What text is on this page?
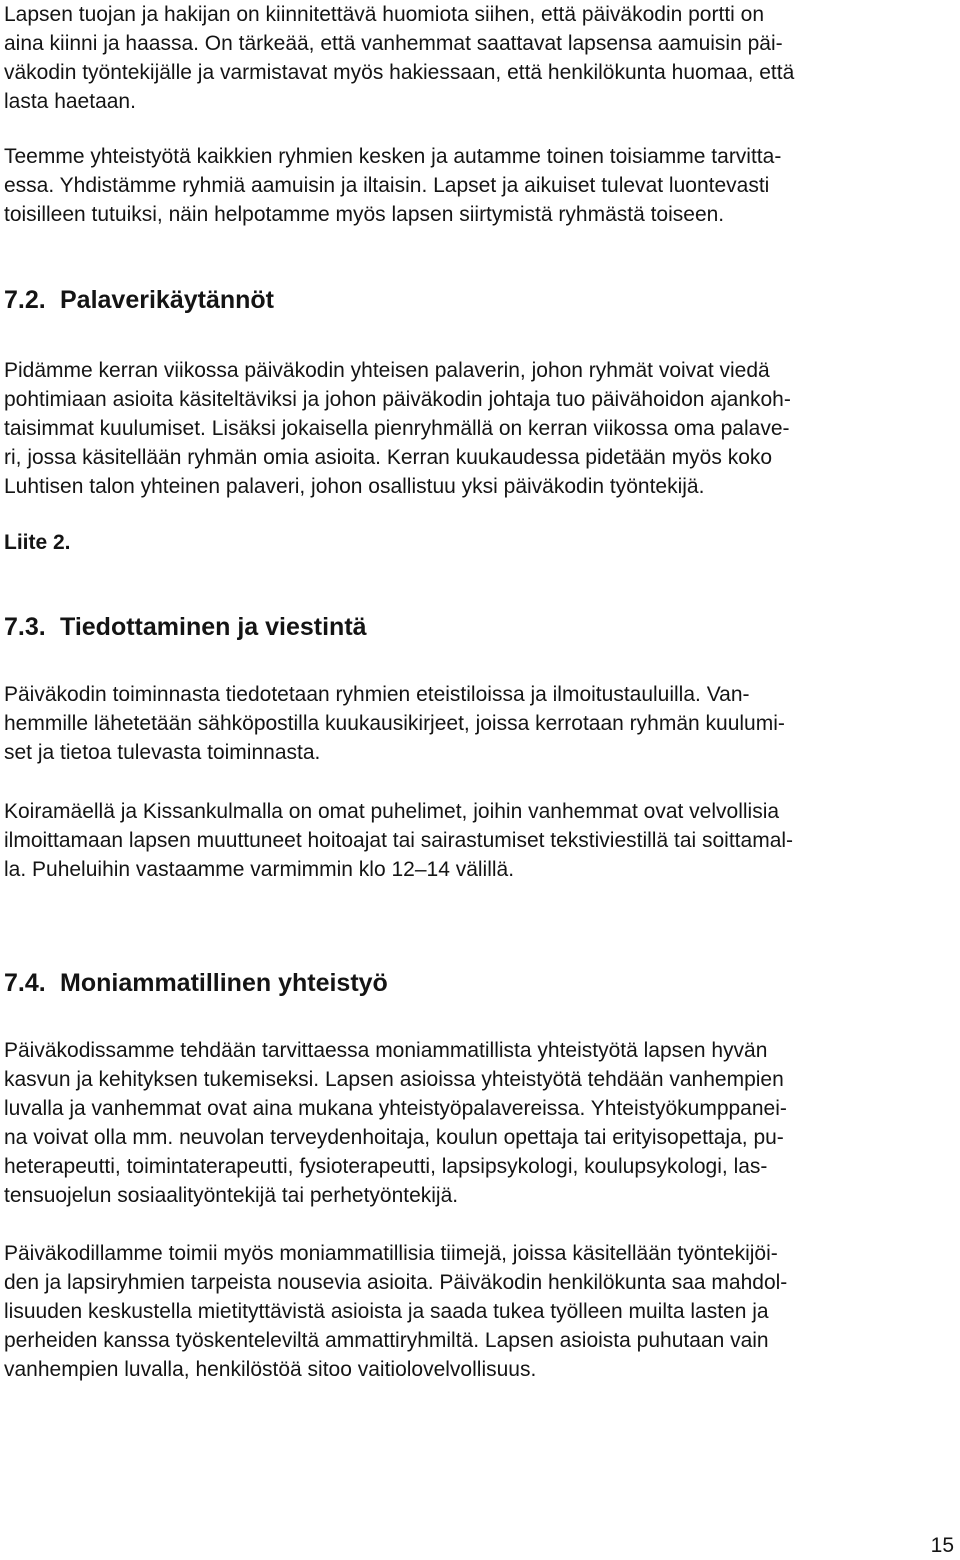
Lapsen tuojan ja hakijan on kiinnitettävä huomiota siihen, että päiväkodin portti on
aina kiinni ja haassa. On tärkeää, että vanhemmat saattavat lapsensa aamuisin päi-
väkodin työntekijälle ja varmistavat myös hakiessaan, että henkilökunta huomaa, että
lasta haetaan.

Teemme yhteistyötä kaikkien ryhmien kesken ja autamme toinen toisiamme tarvitta-
essa. Yhdistämme ryhmiä aamuisin ja iltaisin. Lapset ja aikuiset tulevat luontevasti
toisilleen tutuiksi, näin helpotamme myös lapsen siirtymistä ryhmästä toiseen.

7.2. Palaverikäytännöt

Pidämme kerran viikossa päiväkodin yhteisen palaverin, johon ryhmät voivat viedä
pohtimiaan asioita käsiteltäviksi ja johon päiväkodin johtaja tuo päivähoidon ajankoh-
taisimmat kuulumiset. Lisäksi jokaisella pienryhmällä on kerran viikossa oma palave-
ri, jossa käsitellään ryhmän omia asioita. Kerran kuukaudessa pidetään myös koko
Luhtisen talon yhteinen palaveri, johon osallistuu yksi päiväkodin työntekijä.

Liite 2.

7.3. Tiedottaminen ja viestintä

Päiväkodin toiminnasta tiedotetaan ryhmien eteistiloissa ja ilmoitustauluilla. Van-
hemmille lähetetään sähköpostilla kuukausikirjeet, joissa kerrotaan ryhmän kuulumi-
set ja tietoa tulevasta toiminnasta.

Koiramäellä ja Kissankulmalla on omat puhelimet, joihin vanhemmat ovat velvollisia
ilmoittamaan lapsen muuttuneet hoitoajat tai sairastumiset tekstiviestillä tai soittamal-
la. Puheluihin vastaamme varmimmin klo 12–14 välillä.

7.4. Moniammatillinen yhteistyö

Päiväkodissamme tehdään tarvittaessa moniammatillista yhteistyötä lapsen hyvän
kasvun ja kehityksen tukemiseksi. Lapsen asioissa yhteistyötä tehdään vanhempien
luvalla ja vanhemmat ovat aina mukana yhteistyöpalavereissa. Yhteistyökumppanei-
na voivat olla mm. neuvolan terveydenhoitaja, koulun opettaja tai erityisopettaja, pu-
heterapeutti, toimintaterapeutti, fysioterapeutti, lapsipsykologi, koulupsykologi, las-
tensuojelun sosiaalityöntekijä tai perhetyöntekijä.

Päiväkodillamme toimii myös moniammatillisia tiimejä, joissa käsitellään työntekijöi-
den ja lapsiryhmien tarpeista nousevia asioita. Päiväkodin henkilökunta saa mahdol-
lisuuden keskustella mietityttävistä asioista ja saada tukea työlleen muilta lasten ja
perheiden kanssa työskenteleviltä ammattiryhmiltä. Lapsen asioista puhutaan vain
vanhempien luvalla, henkilöstöä sitoo vaitiolovelvollisuus.

15
